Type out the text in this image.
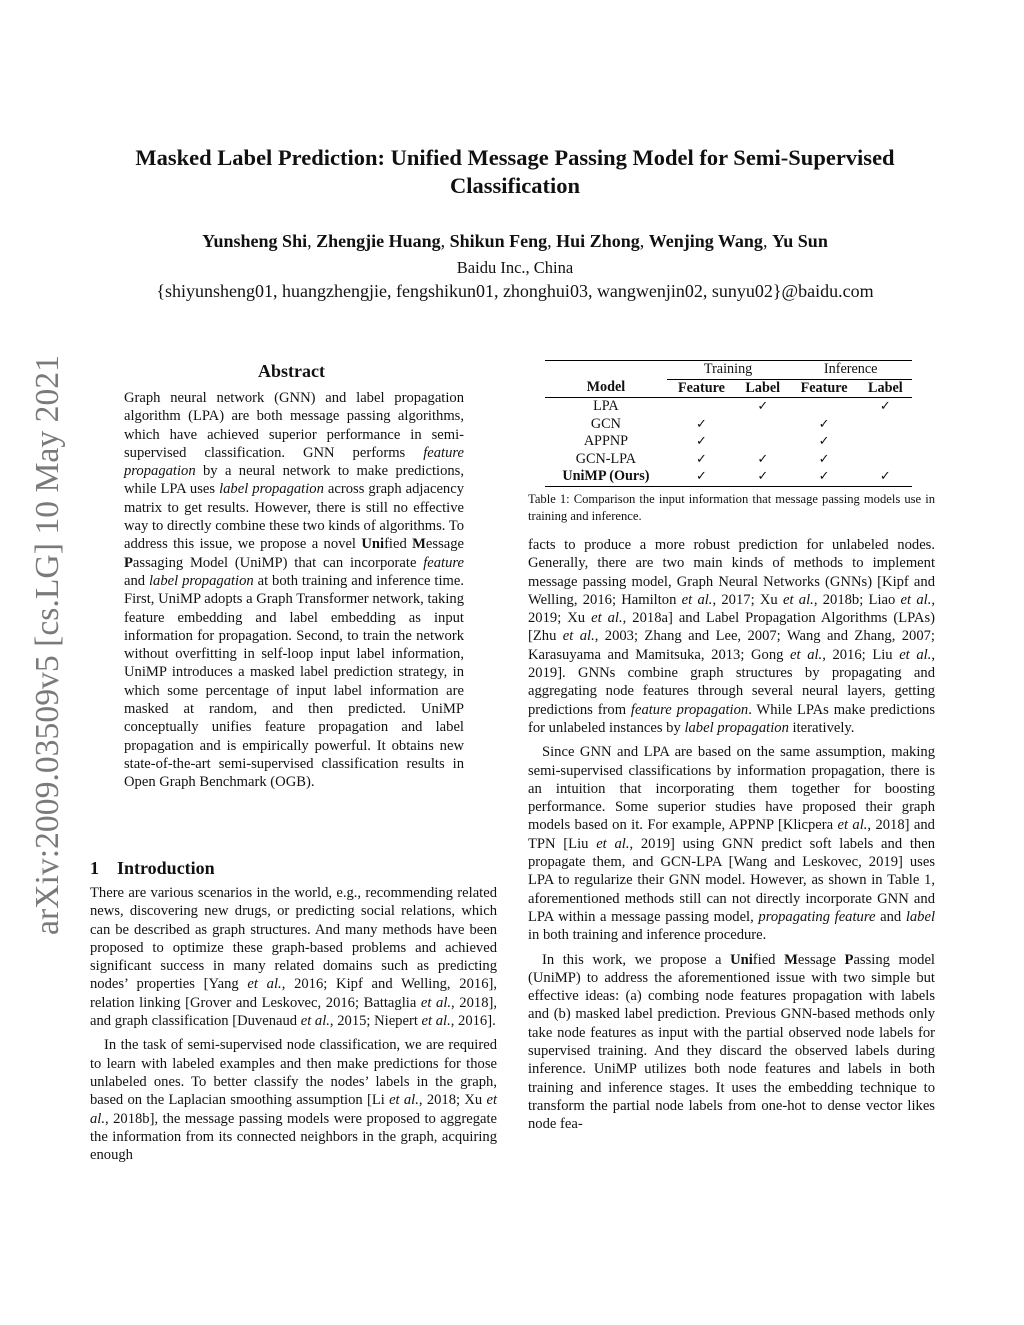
arXiv:2009.03509v5 [cs.LG] 10 May 2021
Masked Label Prediction: Unified Message Passing Model for Semi-Supervised Classification
Yunsheng Shi, Zhengjie Huang, Shikun Feng, Hui Zhong, Wenjing Wang, Yu Sun
Baidu Inc., China
{shiyunsheng01, huangzhengjie, fengshikun01, zhonghui03, wangwenjin02, sunyu02}@baidu.com
Abstract

Graph neural network (GNN) and label propagation algorithm (LPA) are both message passing algorithms, which have achieved superior performance in semi-supervised classification. GNN performs feature propagation by a neural network to make predictions, while LPA uses label propagation across graph adjacency matrix to get results. However, there is still no effective way to directly combine these two kinds of algorithms. To address this issue, we propose a novel Unified Message Passaging Model (UniMP) that can incorporate feature and label propagation at both training and inference time. First, UniMP adopts a Graph Transformer network, taking feature embedding and label embedding as input information for propagation. Second, to train the network without overfitting in self-loop input label information, UniMP introduces a masked label prediction strategy, in which some percentage of input label information are masked at random, and then predicted. UniMP conceptually unifies feature propagation and label propagation and is empirically powerful. It obtains new state-of-the-art semi-supervised classification results in Open Graph Benchmark (OGB).

1 Introduction

There are various scenarios in the world, e.g., recommending related news, discovering new drugs, or predicting social relations, which can be described as graph structures. And many methods have been proposed to optimize these graph-based problems and achieved significant success in many related domains such as predicting nodes’ properties [Yang et al., 2016; Kipf and Welling, 2016], relation linking [Grover and Leskovec, 2016; Battaglia et al., 2018], and graph classification [Duvenaud et al., 2015; Niepert et al., 2016].

In the task of semi-supervised node classification, we are required to learn with labeled examples and then make predictions for those unlabeled ones. To better classify the nodes’ labels in the graph, based on the Laplacian smoothing assumption [Li et al., 2018; Xu et al., 2018b], the message passing models were proposed to aggregate the information from its connected neighbors in the graph, acquiring enough

	Training		Inference	
Model	Feature	Label	Feature	Label
LPA		✓		✓
GCN	✓		✓	
APPNP	✓		✓	
GCN-LPA	✓	✓	✓	
UniMP (Ours)	✓	✓	✓	✓
Table 1: Comparison the input information that message passing models use in training and inference.

facts to produce a more robust prediction for unlabeled nodes. Generally, there are two main kinds of methods to implement message passing model, Graph Neural Networks (GNNs) [Kipf and Welling, 2016; Hamilton et al., 2017; Xu et al., 2018b; Liao et al., 2019; Xu et al., 2018a] and Label Propagation Algorithms (LPAs) [Zhu et al., 2003; Zhang and Lee, 2007; Wang and Zhang, 2007; Karasuyama and Mamitsuka, 2013; Gong et al., 2016; Liu et al., 2019]. GNNs combine graph structures by propagating and aggregating node features through several neural layers, getting predictions from feature propagation. While LPAs make predictions for unlabeled instances by label propagation iteratively.

Since GNN and LPA are based on the same assumption, making semi-supervised classifications by information propagation, there is an intuition that incorporating them together for boosting performance. Some superior studies have proposed their graph models based on it. For example, APPNP [Klicpera et al., 2018] and TPN [Liu et al., 2019] using GNN predict soft labels and then propagate them, and GCN-LPA [Wang and Leskovec, 2019] uses LPA to regularize their GNN model. However, as shown in Table 1, aforementioned methods still can not directly incorporate GNN and LPA within a message passing model, propagating feature and label in both training and inference procedure.

In this work, we propose a Unified Message Passing model (UniMP) to address the aforementioned issue with two simple but effective ideas: (a) combing node features propagation with labels and (b) masked label prediction. Previous GNN-based methods only take node features as input with the partial observed node labels for supervised training. And they discard the observed labels during inference. UniMP utilizes both node features and labels in both training and inference stages. It uses the embedding technique to transform the partial node labels from one-hot to dense vector likes node fea-
